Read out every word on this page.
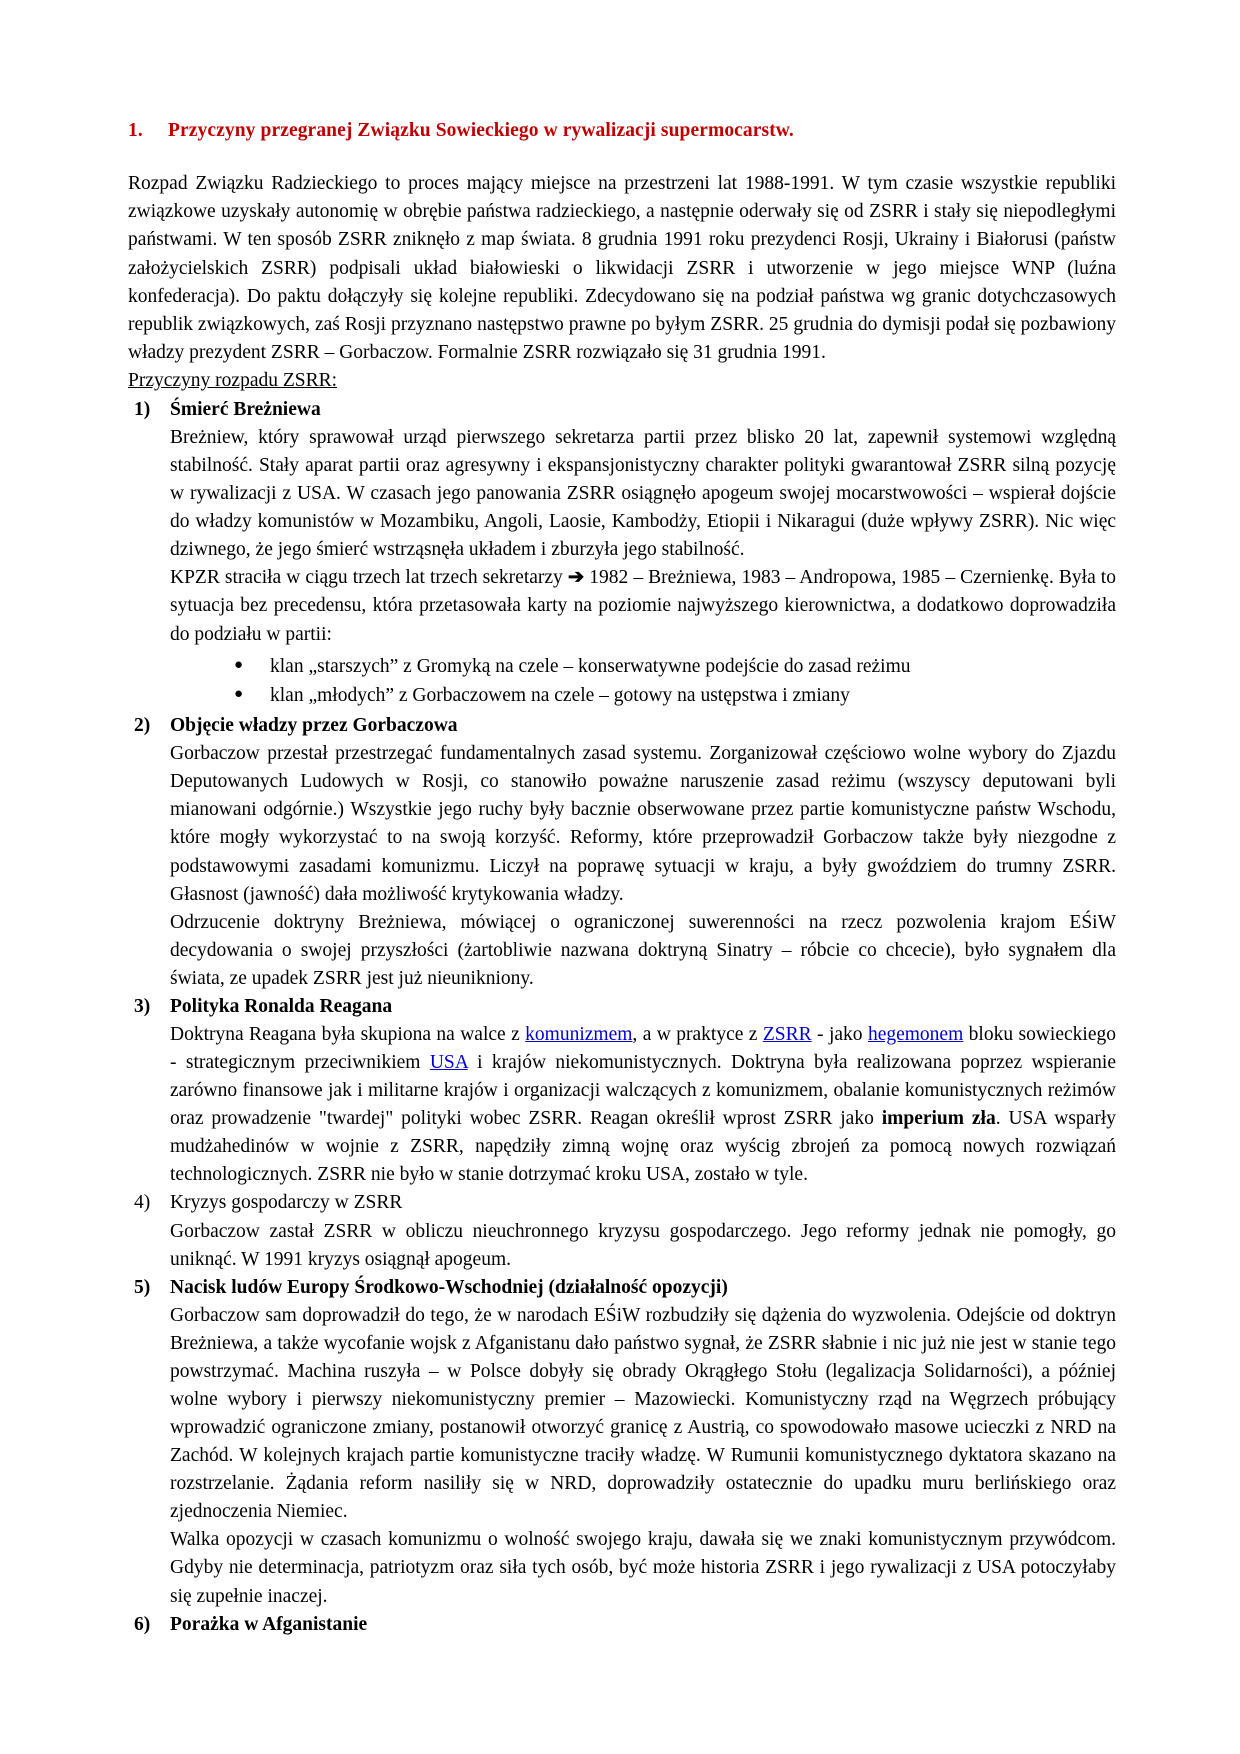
1. Przyczyny przegranej Związku Sowieckiego w rywalizacji supermocarstw.

Rozpad Związku Radzieckiego to proces mający miejsce na przestrzeni lat 1988-1991. W tym czasie wszystkie republiki związkowe uzyskały autonomię w obrębie państwa radzieckiego, a następnie oderwały się od ZSRR i stały się niepodległymi państwami. W ten sposób ZSRR zniknęło z map świata. 8 grudnia 1991 roku prezydenci Rosji, Ukrainy i Białorusi (państw założycielskich ZSRR) podpisali układ białowieski o likwidacji ZSRR i utworzenie w jego miejsce WNP (luźna konfederacja). Do paktu dołączyły się kolejne republiki. Zdecydowano się na podział państwa wg granic dotychczasowych republik związkowych, zaś Rosji przyznano następstwo prawne po byłym ZSRR. 25 grudnia do dymisji podał się pozbawiony władzy prezydent ZSRR – Gorbaczow. Formalnie ZSRR rozwiązało się 31 grudnia 1991.

Przyczyny rozpadu ZSRR:
1) Śmierć Breżniewa

Breżniew, który sprawował urząd pierwszego sekretarza partii przez blisko 20 lat, zapewnił systemowi względną stabilność. Stały aparat partii oraz agresywny i ekspansjonistyczny charakter polityki gwarantował ZSRR silną pozycję w rywalizacji z USA. W czasach jego panowania ZSRR osiągnęło apogeum swojej mocarstwowości – wspierał dojście do władzy komunistów w Mozambiku, Angoli, Laosie, Kambodży, Etiopii i Nikaragui (duże wpływy ZSRR). Nic więc dziwnego, że jego śmierć wstrząsnęła układem i zburzyła jego stabilność.

KPZR straciła w ciągu trzech lat trzech sekretarzy ➔ 1982 – Breżniewa, 1983 – Andropowa, 1985 – Czernienkę. Była to sytuacja bez precedensu, która przetasowała karty na poziomie najwyższego kierownictwa, a dodatkowo doprowadziła do podziału w partii:

● klan „starszych” z Gromyką na czele – konserwatywne podejście do zasad reżimu
● klan „młodych” z Gorbaczowem na czele – gotowy na ustępstwa i zmiany
2) Objęcie władzy przez Gorbaczowa

Gorbaczow przestał przestrzegać fundamentalnych zasad systemu. Zorganizował częściowo wolne wybory do Zjazdu Deputowanych Ludowych w Rosji, co stanowiło poważne naruszenie zasad reżimu (wszyscy deputowani byli mianowani odgórnie.) Wszystkie jego ruchy były bacznie obserwowane przez partie komunistyczne państw Wschodu, które mogły wykorzystać to na swoją korzyść. Reformy, które przeprowadził Gorbaczow także były niezgodne z podstawowymi zasadami komunizmu. Liczył na poprawę sytuacji w kraju, a były gwoździem do trumny ZSRR. Głasnost (jawność) dała możliwość krytykowania władzy.

Odrzucenie doktryny Breżniewa, mówiącej o ograniczonej suwerenności na rzecz pozwolenia krajom EŚiW decydowania o swojej przyszłości (żartobliwie nazwana doktryną Sinatry – róbcie co chcecie), było sygnałem dla świata, ze upadek ZSRR jest już nieunikniony.

3) Polityka Ronalda Reagana

Doktryna Reagana była skupiona na walce z komunizmem, a w praktyce z ZSRR - jako hegemonem bloku sowieckiego - strategicznym przeciwnikiem USA i krajów niekomunistycznych. Doktryna była realizowana poprzez wspieranie zarówno finansowe jak i militarne krajów i organizacji walczących z komunizmem, obalanie komunistycznych reżimów oraz prowadzenie "twardej" polityki wobec ZSRR. Reagan określił wprost ZSRR jako imperium zła. USA wsparły mudżahedinów w wojnie z ZSRR, napędziły zimną wojnę oraz wyścig zbrojeń za pomocą nowych rozwiązań technologicznych. ZSRR nie było w stanie dotrzymać kroku USA, zostało w tyle.

4) Kryzys gospodarczy w ZSRR

Gorbaczow zastał ZSRR w obliczu nieuchronnego kryzysu gospodarczego. Jego reformy jednak nie pomogły, go uniknąć. W 1991 kryzys osiągnął apogeum.

5) Nacisk ludów Europy Środkowo-Wschodniej (działalność opozycji)

Gorbaczow sam doprowadził do tego, że w narodach EŚiW rozbudziły się dążenia do wyzwolenia. Odejście od doktryn Breżniewa, a także wycofanie wojsk z Afganistanu dało państwo sygnał, że ZSRR słabnie i nic już nie jest w stanie tego powstrzymać. Machina ruszyła – w Polsce dobyły się obrady Okrągłego Stołu (legalizacja Solidarności), a później wolne wybory i pierwszy niekomunistyczny premier – Mazowiecki. Komunistyczny rząd na Węgrzech próbujący wprowadzić ograniczone zmiany, postanowił otworzyć granicę z Austrią, co spowodowało masowe ucieczki z NRD na Zachód. W kolejnych krajach partie komunistyczne traciły władzę. W Rumunii komunistycznego dyktatora skazano na rozstrzelanie. Żądania reform nasiliły się w NRD, doprowadziły ostatecznie do upadku muru berlińskiego oraz zjednoczenia Niemiec.

Walka opozycji w czasach komunizmu o wolność swojego kraju, dawała się we znaki komunistycznym przywódcom. Gdyby nie determinacja, patriotyzm oraz siła tych osób, być może historia ZSRR i jego rywalizacji z USA potoczyłaby się zupełnie inaczej.

6) Porażka w Afganistanie
